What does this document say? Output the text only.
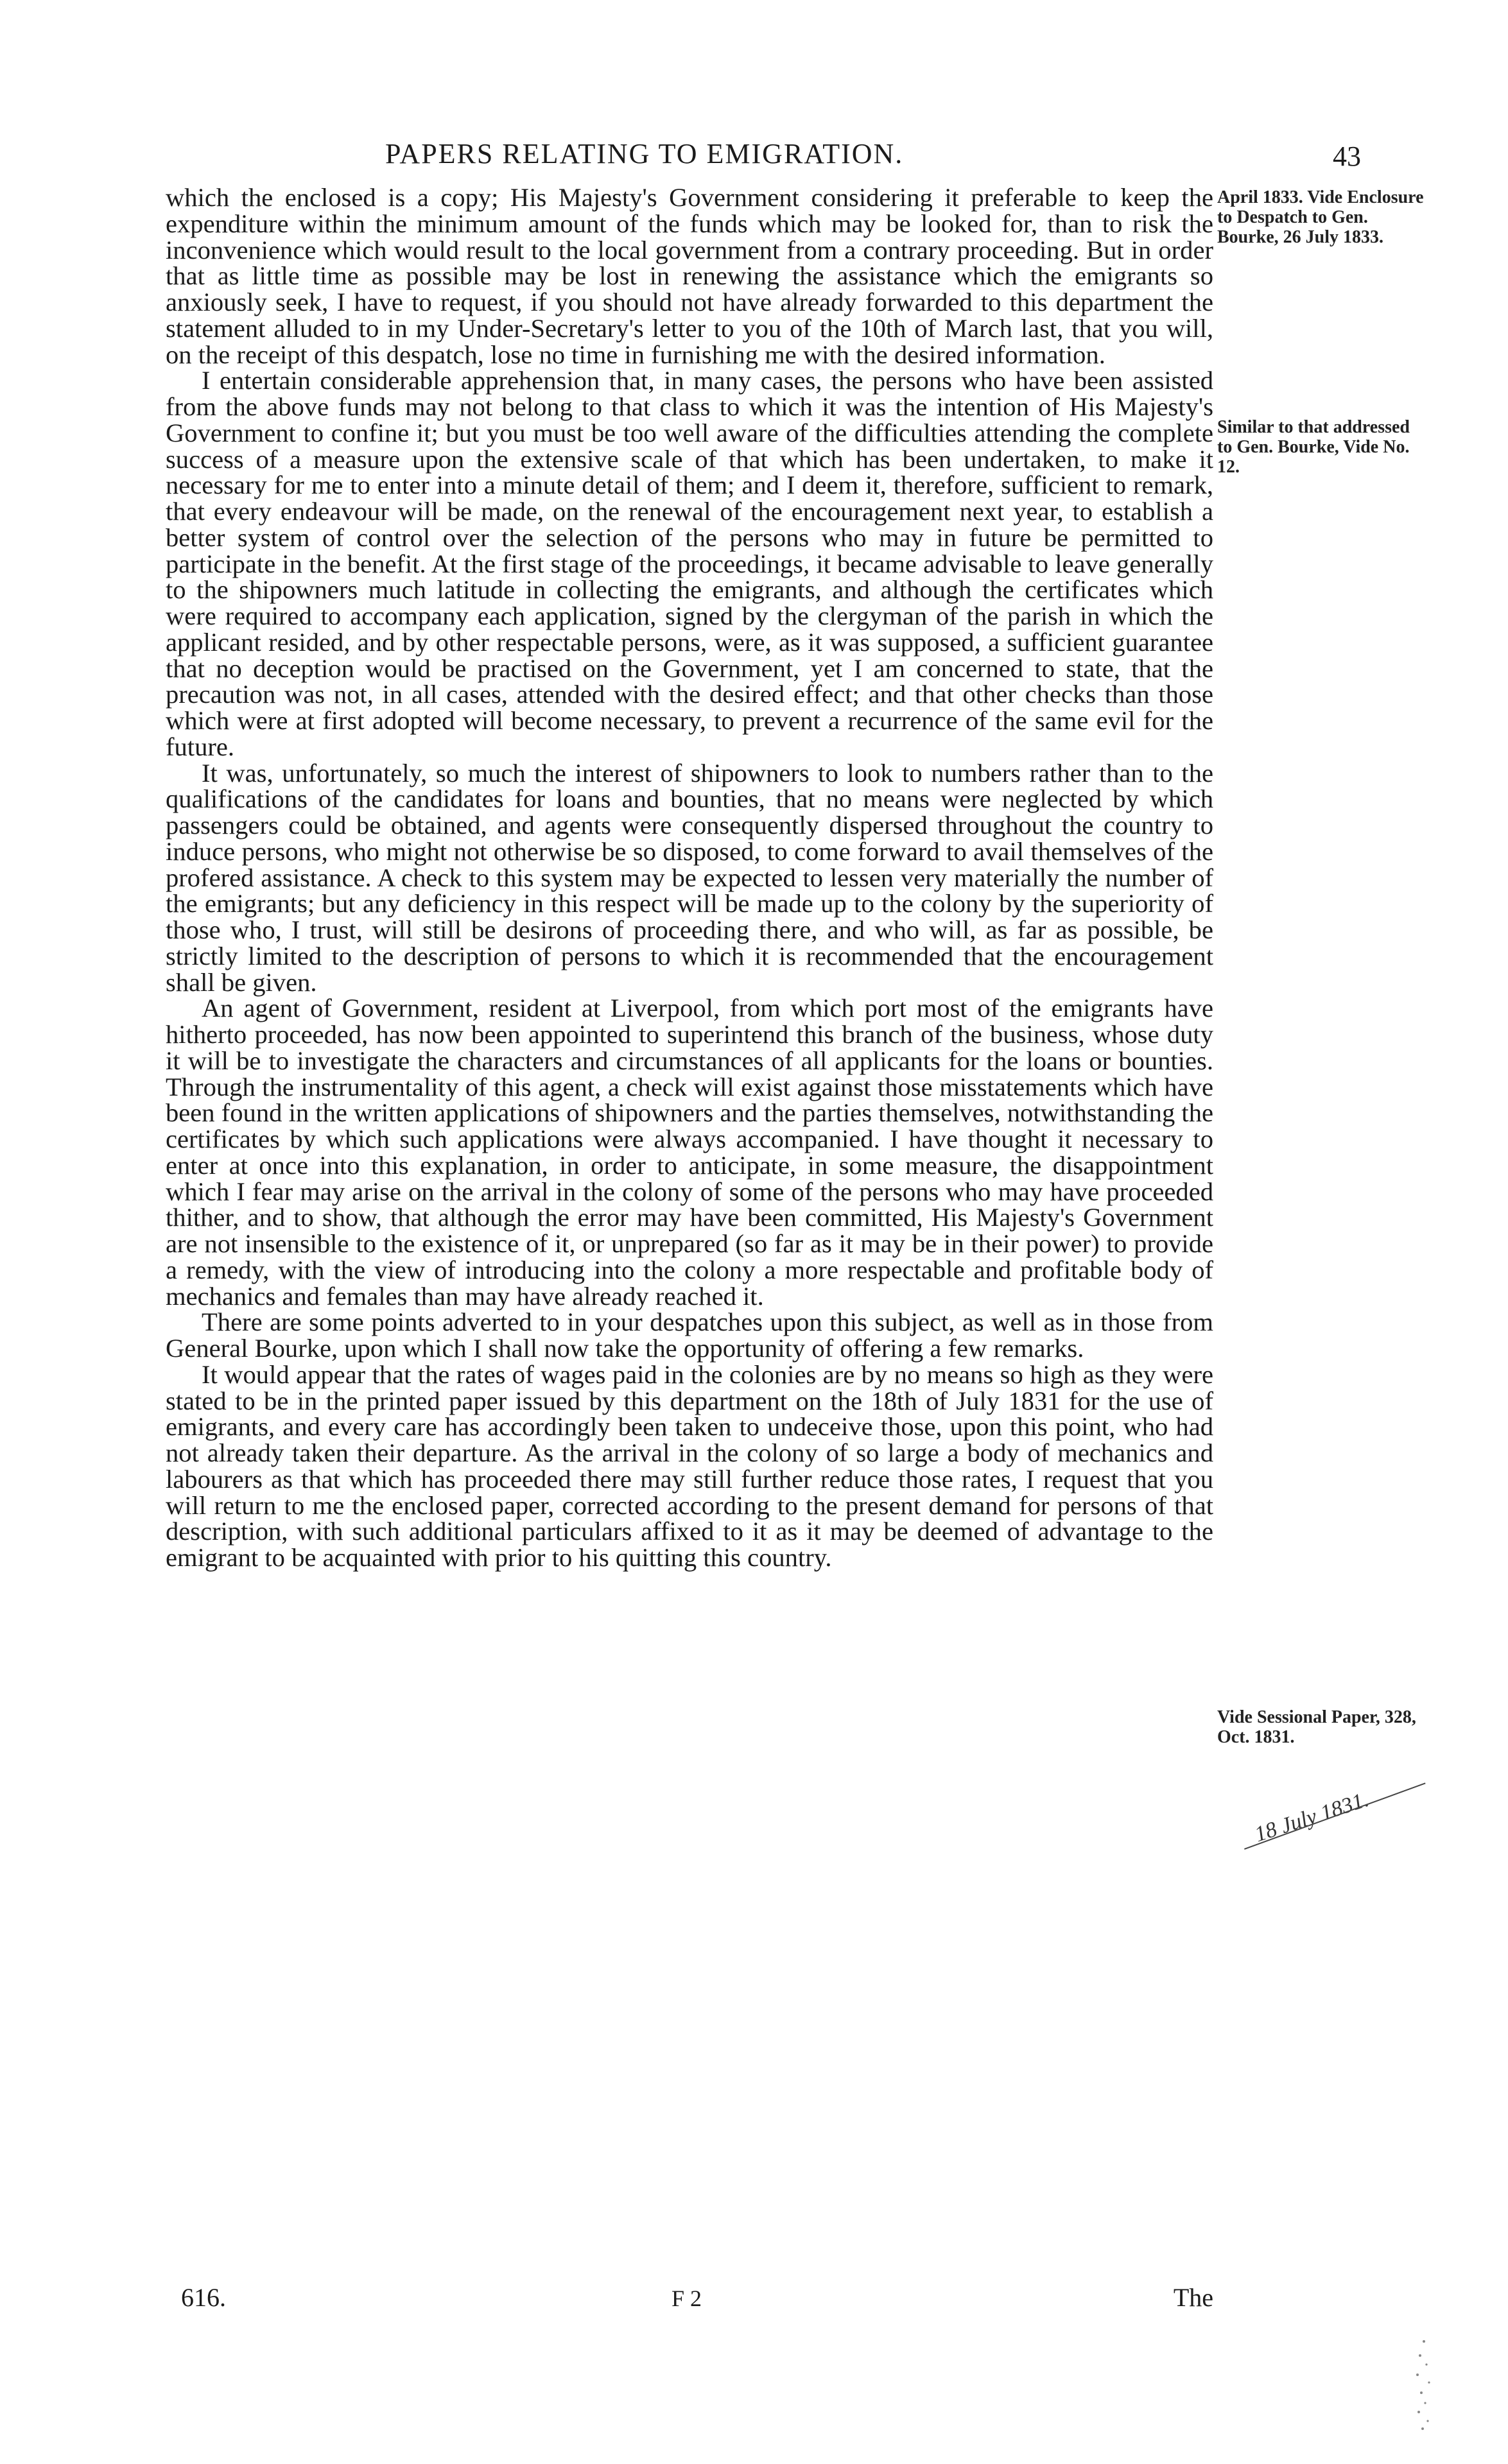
PAPERS RELATING TO EMIGRATION.	43

which the enclosed is a copy; His Majesty's Government considering it preferable to keep the expenditure within the minimum amount of the funds which may be looked for, than to risk the inconvenience which would result to the local government from a contrary proceeding. But in order that as little time as possible may be lost in renewing the assistance which the emigrants so anxiously seek, I have to request, if you should not have already forwarded to this department the statement alluded to in my Under-Secretary's letter to you of the 10th of March last, that you will, on the receipt of this despatch, lose no time in furnishing me with the desired information.

I entertain considerable apprehension that, in many cases, the persons who have been assisted from the above funds may not belong to that class to which it was the intention of His Majesty's Government to confine it; but you must be too well aware of the difficulties attending the complete success of a measure upon the extensive scale of that which has been undertaken, to make it necessary for me to enter into a minute detail of them; and I deem it, therefore, sufficient to remark, that every endeavour will be made, on the renewal of the encouragement next year, to establish a better system of control over the selection of the persons who may in future be permitted to participate in the benefit. At the first stage of the proceedings, it became advisable to leave generally to the shipowners much latitude in collecting the emigrants, and although the certificates which were required to accompany each application, signed by the clergyman of the parish in which the applicant resided, and by other respectable persons, were, as it was supposed, a sufficient guarantee that no deception would be practised on the Government, yet I am concerned to state, that the precaution was not, in all cases, attended with the desired effect; and that other checks than those which were at first adopted will become necessary, to prevent a recurrence of the same evil for the future.

It was, unfortunately, so much the interest of shipowners to look to numbers rather than to the qualifications of the candidates for loans and bounties, that no means were neglected by which passengers could be obtained, and agents were consequently dispersed throughout the country to induce persons, who might not otherwise be so disposed, to come forward to avail themselves of the profered assistance. A check to this system may be expected to lessen very materially the number of the emigrants; but any deficiency in this respect will be made up to the colony by the superiority of those who, I trust, will still be desirons of proceeding there, and who will, as far as possible, be strictly limited to the description of persons to which it is recommended that the encouragement shall be given.

An agent of Government, resident at Liverpool, from which port most of the emigrants have hitherto proceeded, has now been appointed to superintend this branch of the business, whose duty it will be to investigate the characters and circumstances of all applicants for the loans or bounties. Through the instrumentality of this agent, a check will exist against those misstatements which have been found in the written applications of shipowners and the parties themselves, notwithstanding the certificates by which such applications were always accompanied. I have thought it necessary to enter at once into this explanation, in order to anticipate, in some measure, the disappointment which I fear may arise on the arrival in the colony of some of the persons who may have proceeded thither, and to show, that although the error may have been committed, His Majesty's Government are not insensible to the existence of it, or unprepared (so far as it may be in their power) to provide a remedy, with the view of introducing into the colony a more respectable and profitable body of mechanics and females than may have already reached it.

There are some points adverted to in your despatches upon this subject, as well as in those from General Bourke, upon which I shall now take the opportunity of offering a few remarks.

It would appear that the rates of wages paid in the colonies are by no means so high as they were stated to be in the printed paper issued by this department on the 18th of July 1831 for the use of emigrants, and every care has accordingly been taken to undeceive those, upon this point, who had not already taken their departure. As the arrival in the colony of so large a body of mechanics and labourers as that which has proceeded there may still further reduce those rates, I request that you will return to me the enclosed paper, corrected according to the present demand for persons of that description, with such additional particulars affixed to it as it may be deemed of advantage to the emigrant to be acquainted with prior to his quitting this country.

April 1833. Vide Enclosure to Despatch to Gen. Bourke, 26 July 1833.
Similar to that addressed to Gen. Bourke, Vide No. 12.
Vide Sessional Paper, 328, Oct. 1831.
18 July 1831.
616.	F 2	The
